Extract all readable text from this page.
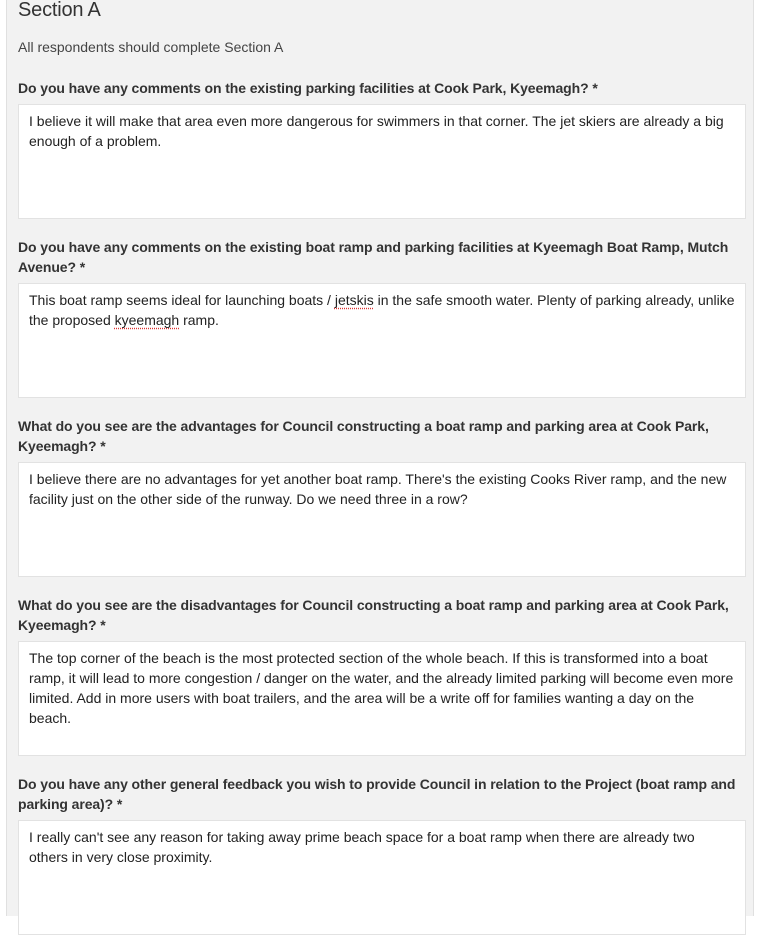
Section A

All respondents should complete Section A

Do you have any comments on the existing parking facilities at Cook Park, Kyeemagh? *
I believe it will make that area even more dangerous for swimmers in that corner. The jet skiers are already a big enough of a problem.
Do you have any comments on the existing boat ramp and parking facilities at Kyeemagh Boat Ramp, Mutch Avenue? *
This boat ramp seems ideal for launching boats / jetskis in the safe smooth water. Plenty of parking already, unlike the proposed kyeemagh ramp.
What do you see are the advantages for Council constructing a boat ramp and parking area at Cook Park, Kyeemagh? *
I believe there are no advantages for yet another boat ramp. There's the existing Cooks River ramp, and the new facility just on the other side of the runway. Do we need three in a row?
What do you see are the disadvantages for Council constructing a boat ramp and parking area at Cook Park, Kyeemagh? *
The top corner of the beach is the most protected section of the whole beach. If this is transformed into a boat ramp, it will lead to more congestion / danger on the water, and the already limited parking will become even more limited. Add in more users with boat trailers, and the area will be a write off for families wanting a day on the beach.
Do you have any other general feedback you wish to provide Council in relation to the Project (boat ramp and parking area)? *
I really can't see any reason for taking away prime beach space for a boat ramp when there are already two others in very close proximity.
